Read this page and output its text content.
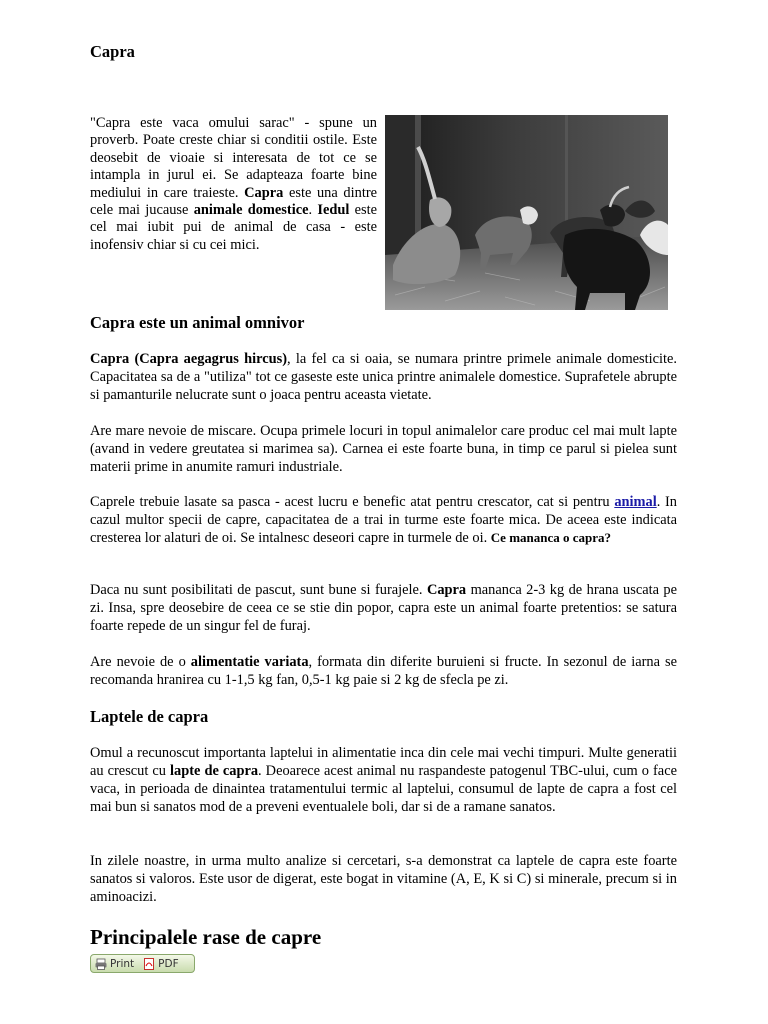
Capra

"Capra este vaca omului sarac" - spune un proverb. Poate creste chiar si conditii ostile. Este deosebit de vioaie si interesata de tot ce se intampla in jurul ei. Se adapteaza foarte bine mediului in care traieste. Capra este una dintre cele mai jucause animale domestice. Iedul este cel mai iubit pui de animal de casa - este inofensiv chiar si cu cei mici.

Capra este un animal omnivor

Capra (Capra aegagrus hircus), la fel ca si oaia, se numara printre primele animale domesticite. Capacitatea sa de a "utiliza" tot ce gaseste este unica printre animalele domestice. Suprafetele abrupte si pamanturile nelucrate sunt o joaca pentru aceasta vietate.

Are mare nevoie de miscare. Ocupa primele locuri in topul animalelor care produc cel mai mult lapte (avand in vedere greutatea si marimea sa). Carnea ei este foarte buna, in timp ce parul si pielea sunt materii prime in anumite ramuri industriale.

Caprele trebuie lasate sa pasca - acest lucru e benefic atat pentru crescator, cat si pentru animal. In cazul multor specii de capre, capacitatea de a trai in turme este foarte mica. De aceea este indicata cresterea lor alaturi de oi. Se intalnesc deseori capre in turmele de oi. Ce mananca o capra?

Daca nu sunt posibilitati de pascut, sunt bune si furajele. Capra mananca 2-3 kg de hrana uscata pe zi. Insa, spre deosebire de ceea ce se stie din popor, capra este un animal foarte pretentios: se satura foarte repede de un singur fel de furaj.

Are nevoie de o alimentatie variata, formata din diferite buruieni si fructe. In sezonul de iarna se recomanda hranirea cu 1-1,5 kg fan, 0,5-1 kg paie si 2 kg de sfecla pe zi.

Laptele de capra

Omul a recunoscut importanta laptelui in alimentatie inca din cele mai vechi timpuri. Multe generatii au crescut cu lapte de capra. Deoarece acest animal nu raspandeste patogenul TBC-ului, cum o face vaca, in perioada de dinaintea tratamentului termic al laptelui, consumul de lapte de capra a fost cel mai bun si sanatos mod de a preveni eventualele boli, dar si de a ramane sanatos.

In zilele noastre, in urma multo analize si cercetari, s-a demonstrat ca laptele de capra este foarte sanatos si valoros. Este usor de digerat, este bogat in vitamine (A, E, K si C) si minerale, precum si in aminoacizi.

Principalele rase de capre
Print PDF
